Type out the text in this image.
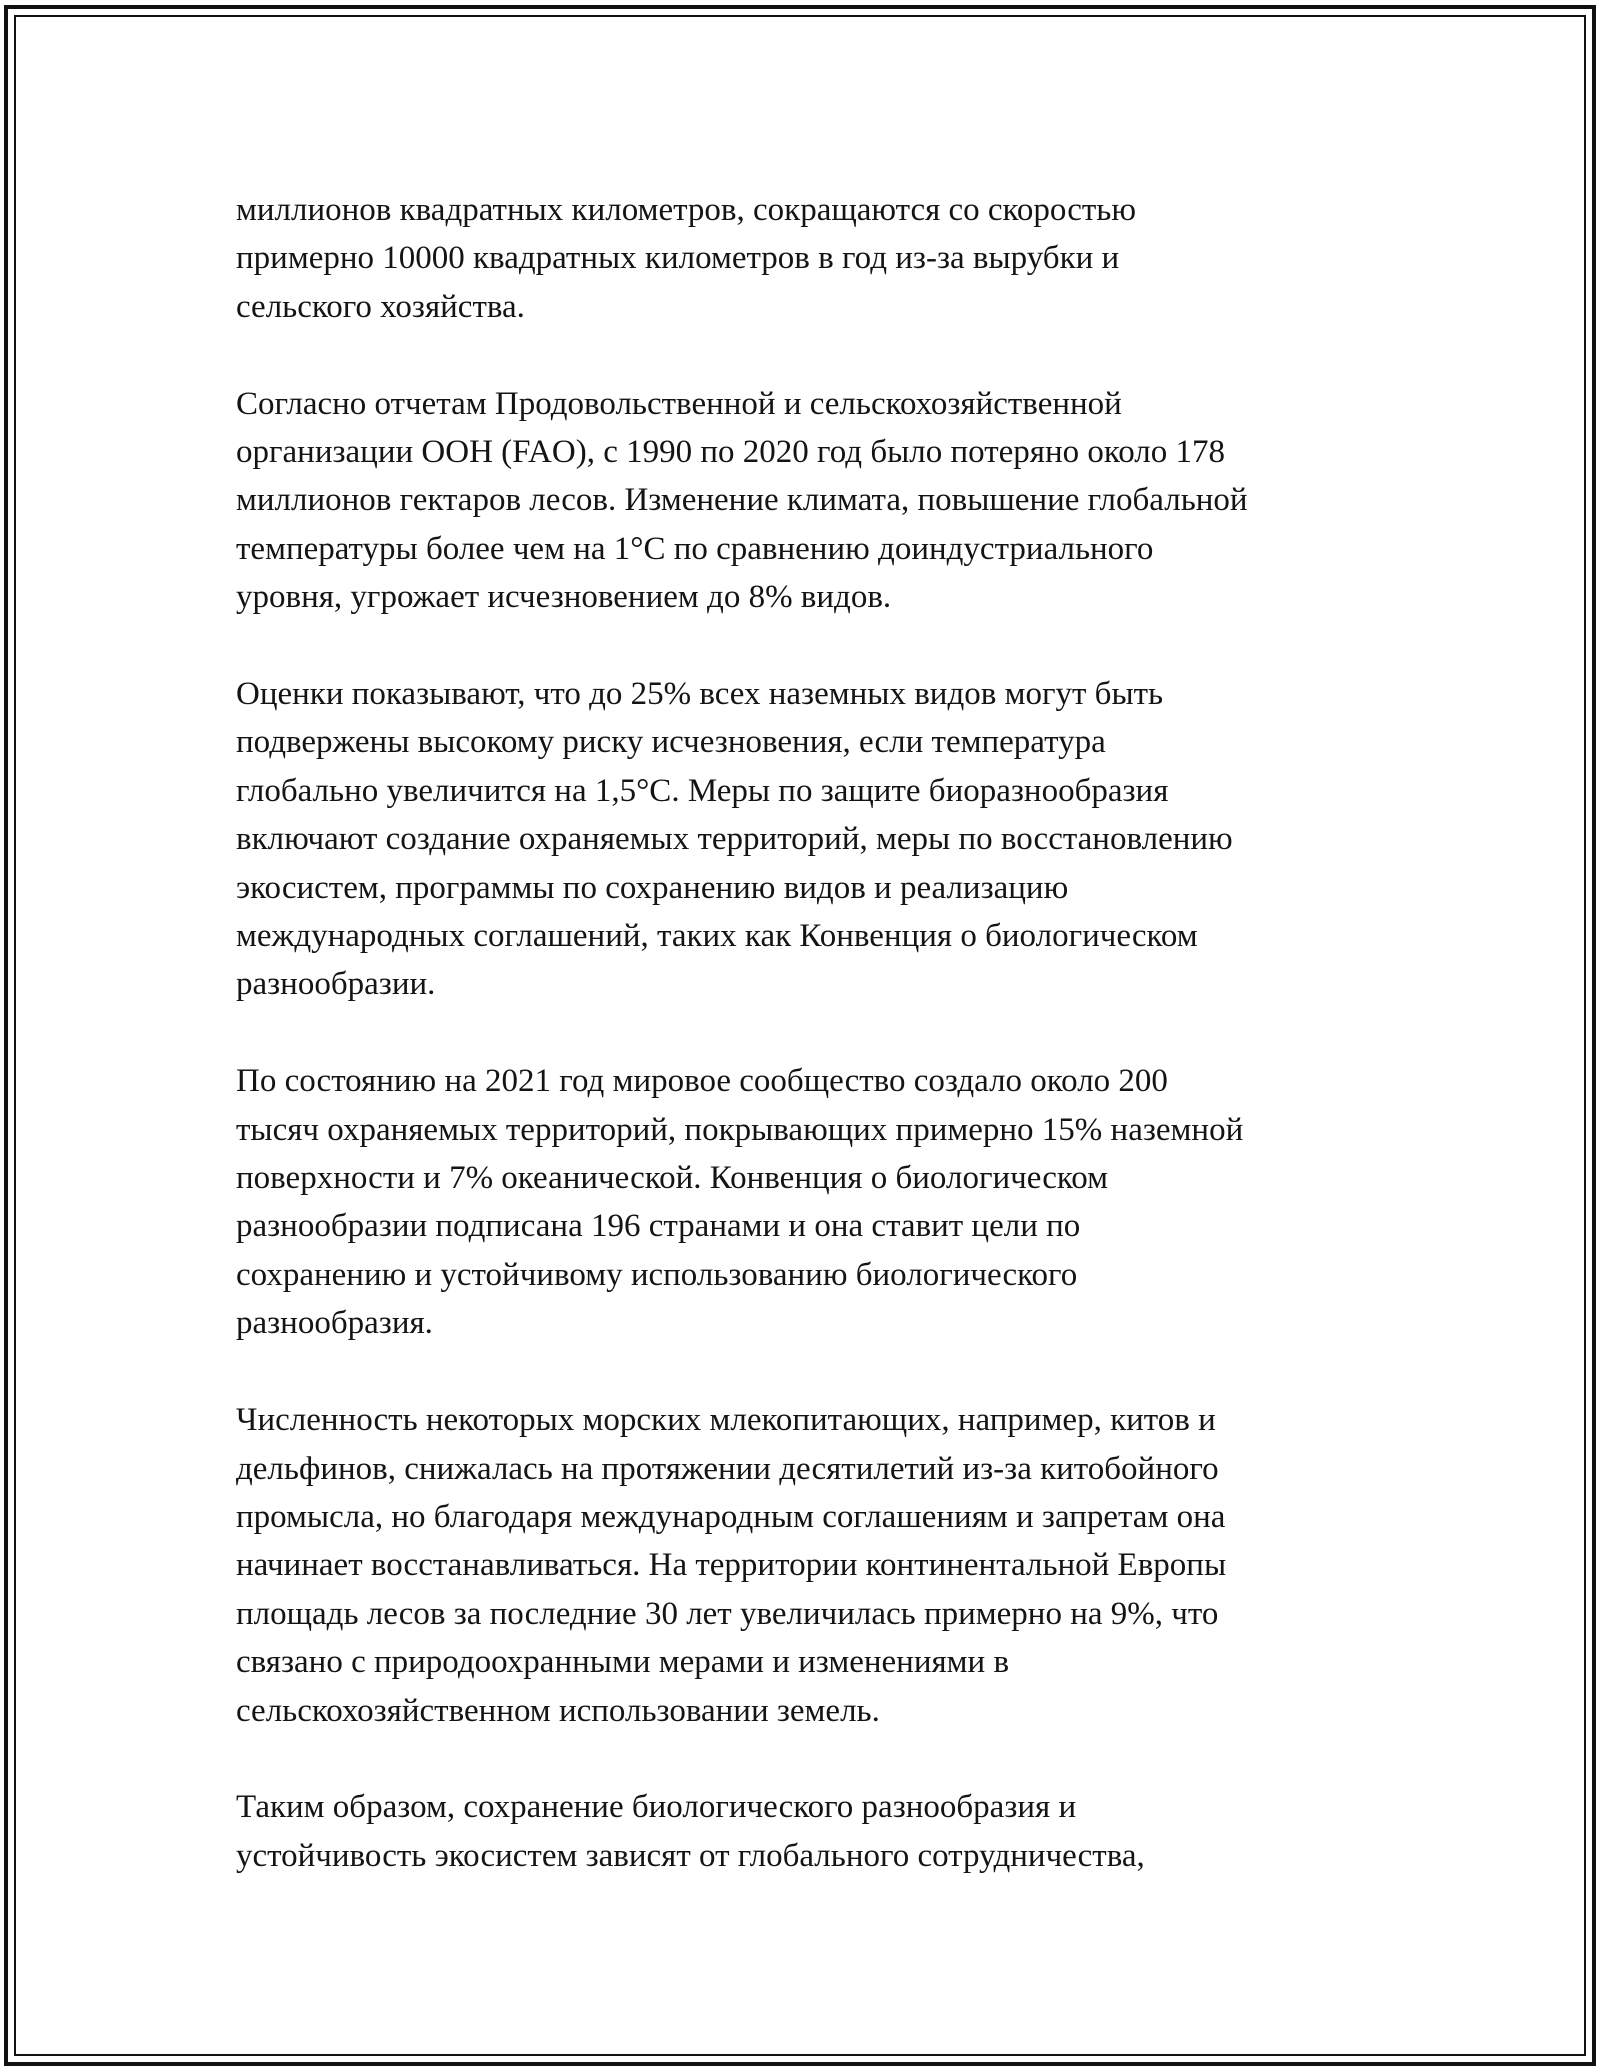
миллионов квадратных километров, сокращаются со скоростью
примерно 10000 квадратных километров в год из-за вырубки и
сельского хозяйства.

Согласно отчетам Продовольственной и сельскохозяйственной
организации ООН (FAO), с 1990 по 2020 год было потеряно около 178
миллионов гектаров лесов. Изменение климата, повышение глобальной
температуры более чем на 1°C по сравнению доиндустриального
уровня, угрожает исчезновением до 8% видов.

Оценки показывают, что до 25% всех наземных видов могут быть
подвержены высокому риску исчезновения, если температура
глобально увеличится на 1,5°C. Меры по защите биоразнообразия
включают создание охраняемых территорий, меры по восстановлению
экосистем, программы по сохранению видов и реализацию
международных соглашений, таких как Конвенция о биологическом
разнообразии.

По состоянию на 2021 год мировое сообщество создало около 200
тысяч охраняемых территорий, покрывающих примерно 15% наземной
поверхности и 7% океанической. Конвенция о биологическом
разнообразии подписана 196 странами и она ставит цели по
сохранению и устойчивому использованию биологического
разнообразия.

Численность некоторых морских млекопитающих, например, китов и
дельфинов, снижалась на протяжении десятилетий из-за китобойного
промысла, но благодаря международным соглашениям и запретам она
начинает восстанавливаться. На территории континентальной Европы
площадь лесов за последние 30 лет увеличилась примерно на 9%, что
связано с природоохранными мерами и изменениями в
сельскохозяйственном использовании земель.

Таким образом, сохранение биологического разнообразия и
устойчивость экосистем зависят от глобального сотрудничества,
